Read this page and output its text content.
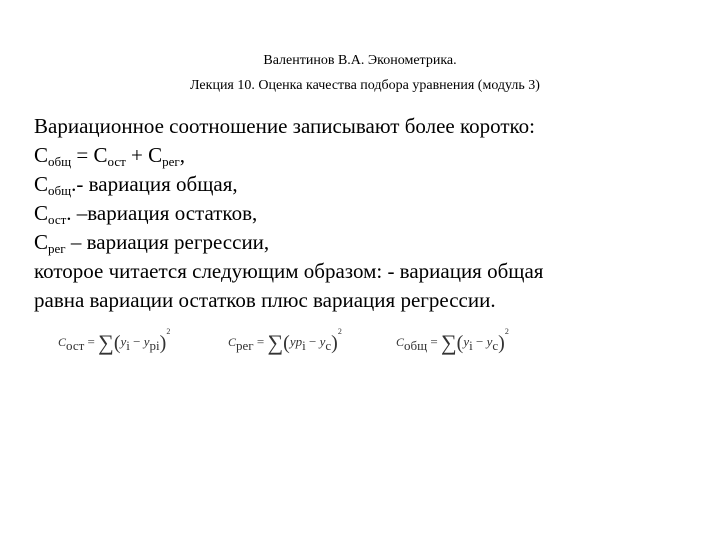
Валентинов В.А. Эконометрика.
Лекция 10. Оценка качества подбора уравнения (модуль 3)
Вариационное соотношение записывают более коротко:
$С_{общ} = С_{ост} + С_{рег}$,
$С_{общ}.-$ вариация общая,
$С_{ост}$. –вариация остатков,
$С_{рег}$ – вариация регрессии,
которое читается следующим образом: - вариация общая
равна вариации остатков плюс вариация регрессии.
$C_{ост} = \sum(y_i - y_{pi})^2$
$C_{рег} = \sum(yp_i - y_c)^2$
$C_{общ} = \sum(y_i - y_c)^2$
